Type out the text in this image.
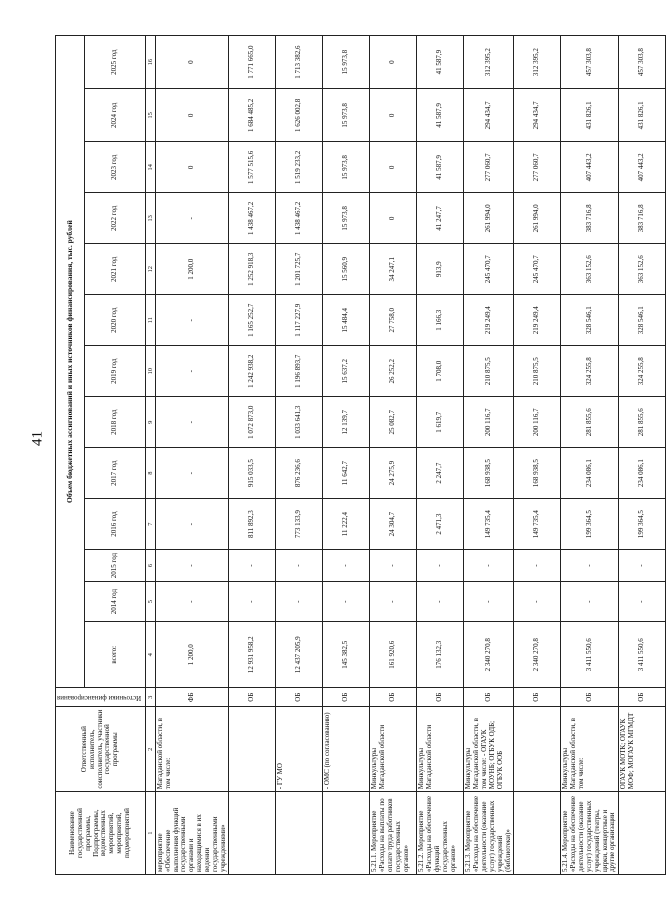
41
Наименование государственной программы, Подпрограммы, ведомственных мероприятий, мероприятий, подмероприятий	Ответственный исполнитель, соисполнитель, участники государственной программы	Источники финансирования	Объем бюджетных ассигнований и иных источников финансирования, тыс. рублей												
			всего:	2014 год	2015 год	2016 год	2017 год	2018 год	2019 год	2020 год	2021 год	2022 год	2023 год	2024 год	2025 год
1	2	3	4	5	6	7	8	9	10	11	12	13	14	15	16
мероприятие «Обеспечение выполнения функций государственными органами и находящимися в их ведении государственными учреждениями»	Магаданской области, в том числе:	ФБ	1 200,0	-	-	-	-	-	-	-	1 200,0	-	0	0	0
		ОБ	12 931 958,2	-	-	811 892,3	915 033,5	1 072 873,0	1 242 938,2	1 165 252,7	1 252 918,3	1 438 467,2	1 577 515,6	1 684 485,2	1 771 665,0
	- ГУ МО	ОБ	12 437 205,9	-	-	773 133,9	876 236,6	1 033 641,3	1 196 893,7	1 117 227,9	1 201 725,7	1 438 467,2	1 519 233,2	1 626 002,8	1 713 382,6
	- ОМС (по согласованию)	ОБ	145 382,5	-	-	11 222,4	11 642,7	12 139,7	15 637,2	15 484,4	15 560,9	15 973,8	15 973,8	15 973,8	15 973,8
5.21.1. Мероприятие «Расходы на выплаты по оплате труда работников государственных органов»	Минкультуры Магаданской области	ОБ	161 920,6	-	-	24 304,7	24 275,9	25 082,7	26 252,2	27 758,0	34 247,1	0	0	0	0
5.21.2. Мероприятие «Расходы на обеспечение функций государственных органов»	Минкультуры Магаданской области	ОБ	176 132,3	-	-	2 471,3	2 247,7	1 619,7	1 708,0	1 166,3	913,9	41 247,7	41 587,9	41 587,9	41 587,9
5.21.3. Мероприятие «Расходы на обеспечение деятельности (оказание услуг) государственных учреждений (библиотеки)»	Минкультуры Магаданской области, в том числе: - ОГАУК МОУНБ; ОГБУК ОДБ; ОГБУК ООБ	ОБ	2 340 270,8	-	-	149 735,4	168 938,5	200 116,7	210 875,5	219 249,4	245 470,7	261 994,0	277 060,7	294 434,7	312 395,2
		ОБ	2 340 270,8	-	-	149 735,4	168 938,5	200 116,7	210 875,5	219 249,4	245 470,7	261 994,0	277 060,7	294 434,7	312 395,2
5.21.4. Мероприятие «Расходы на обеспечение деятельности (оказание услуг) государственных учреждений (театры, цирки, концертные и другие организации	Минкультуры Магаданской области, в том числе:	ОБ	3 411 550,6	-	-	199 364,5	234 086,1	281 855,6	324 255,8	328 546,1	363 152,6	383 716,8	407 443,2	431 826,1	457 303,8
	ОГАУК МОТК; ОГАУК МОФ; МОГАУК МГМДТ	ОБ	3 411 550,6	-	-	199 364,5	234 086,1	281 855,6	324 255,8	328 546,1	363 152,6	383 716,8	407 443,2	431 826,1	457 303,8
